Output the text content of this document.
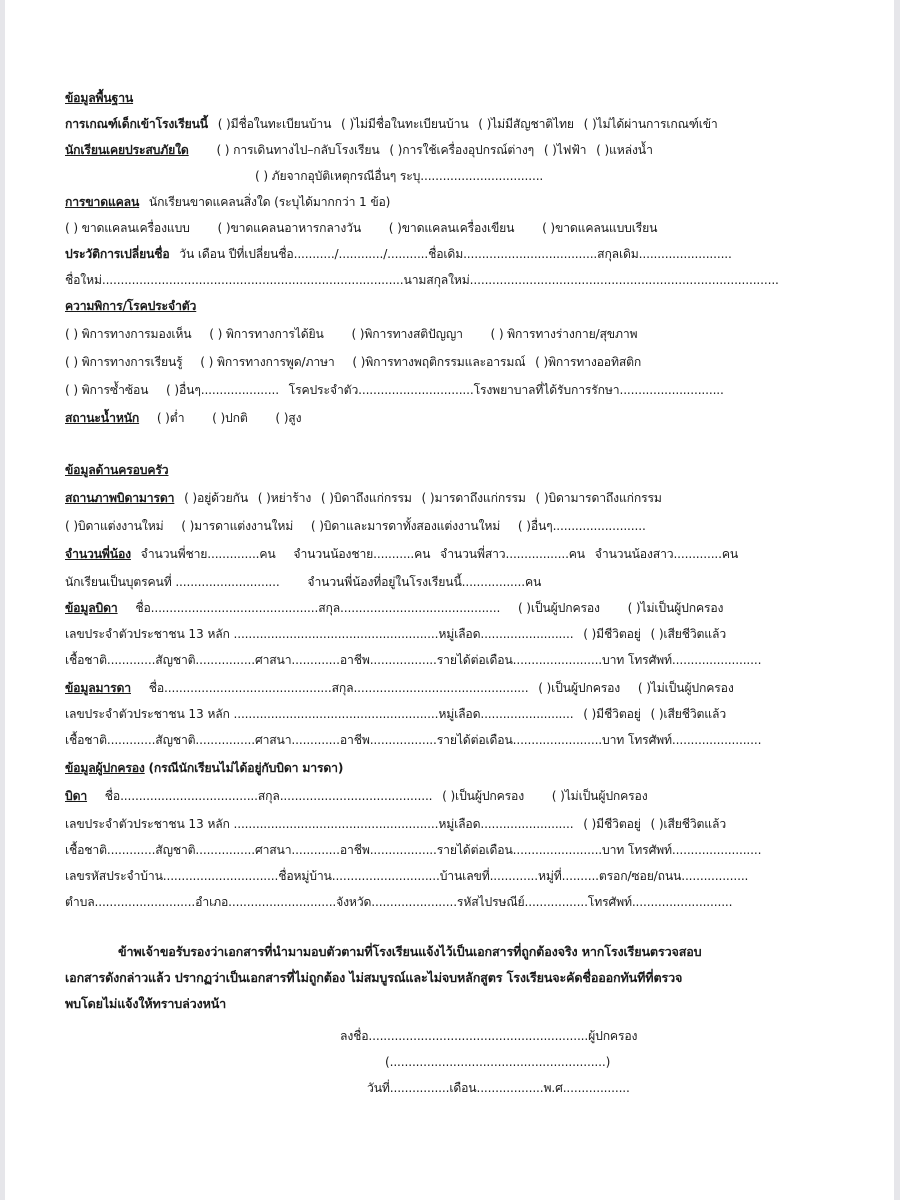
ข้อมูลพื้นฐาน
การเกณฑ์เด็กเข้าโรงเรียนนี้ ( )มีชื่อในทะเบียนบ้าน ( )ไม่มีชื่อในทะเบียนบ้าน ( )ไม่มีสัญชาติไทย ( )ไม่ได้ผ่านการเกณฑ์เข้า
นักเรียนเคยประสบภัยใด ( ) การเดินทางไป–กลับโรงเรียน ( )การใช้เครื่องอุปกรณ์ต่างๆ ( )ไฟฟ้า ( )แหล่งน้ำ
( ) ภัยจากอุบัติเหตุกรณีอื่นๆ ระบุ.................................
การขาดแคลน นักเรียนขาดแคลนสิ่งใด (ระบุได้มากกว่า 1 ข้อ)
( ) ขาดแคลนเครื่องแบบ ( )ขาดแคลนอาหารกลางวัน ( )ขาดแคลนเครื่องเขียน ( )ขาดแคลนแบบเรียน
ประวัติการเปลี่ยนชื่อ วัน เดือน ปีที่เปลี่ยนชื่อ.........../............/...........ชื่อเดิม....................................สกุลเดิม.........................
ชื่อใหม่.................................................................................นามสกุลใหม่...................................................................................
ความพิการ/โรคประจำตัว
( ) พิการทางการมองเห็น ( ) พิการทางการได้ยิน ( )พิการทางสติปัญญา ( ) พิการทางร่างกาย/สุขภาพ
( ) พิการทางการเรียนรู้ ( ) พิการทางการพูด/ภาษา ( )พิการทางพฤติกรรมและอารมณ์ ( )พิการทางออทิสติก
( ) พิการซ้ำซ้อน ( )อื่นๆ..................... โรคประจำตัว...............................โรงพยาบาลที่ได้รับการรักษา............................
สถานะน้ำหนัก ( )ต่ำ ( )ปกติ ( )สูง
ข้อมูลด้านครอบครัว
สถานภาพบิดามารดา ( )อยู่ด้วยกัน ( )หย่าร้าง ( )บิดาถึงแก่กรรม ( )มารดาถึงแก่กรรม ( )บิดามารดาถึงแก่กรรม
( )บิดาแต่งงานใหม่ ( )มารดาแต่งงานใหม่ ( )บิดาและมารดาทั้งสองแต่งงานใหม่ ( )อื่นๆ.........................
จำนวนพี่น้อง จำนวนพี่ชาย..............คน จำนวนน้องชาย...........คน จำนวนพี่สาว.................คน จำนวนน้องสาว.............คน
นักเรียนเป็นบุตรคนที่ ............................ จำนวนพี่น้องที่อยู่ในโรงเรียนนี้.................คน
ข้อมูลบิดา ชื่อ.............................................สกุล........................................... ( )เป็นผู้ปกครอง ( )ไม่เป็นผู้ปกครอง
เลขประจำตัวประชาชน 13 หลัก .......................................................หมู่เลือด......................... ( )มีชีวิตอยู่ ( )เสียชีวิตแล้ว
เชื้อชาติ.............สัญชาติ................ศาสนา.............อาชีพ..................รายได้ต่อเดือน........................บาท โทรศัพท์........................
ข้อมูลมารดา ชื่อ.............................................สกุล............................................... ( )เป็นผู้ปกครอง ( )ไม่เป็นผู้ปกครอง
เลขประจำตัวประชาชน 13 หลัก .......................................................หมู่เลือด......................... ( )มีชีวิตอยู่ ( )เสียชีวิตแล้ว
เชื้อชาติ.............สัญชาติ................ศาสนา.............อาชีพ..................รายได้ต่อเดือน........................บาท โทรศัพท์........................
ข้อมูลผู้ปกครอง (กรณีนักเรียนไม่ได้อยู่กับบิดา มารดา)
บิดา ชื่อ.....................................สกุล......................................... ( )เป็นผู้ปกครอง ( )ไม่เป็นผู้ปกครอง
เลขประจำตัวประชาชน 13 หลัก .......................................................หมู่เลือด......................... ( )มีชีวิตอยู่ ( )เสียชีวิตแล้ว
เชื้อชาติ.............สัญชาติ................ศาสนา.............อาชีพ..................รายได้ต่อเดือน........................บาท โทรศัพท์........................
เลขรหัสประจำบ้าน...............................ชื่อหมู่บ้าน.............................บ้านเลขที่.............หมู่ที่..........ตรอก/ซอย/ถนน..................
ตำบล...........................อำเภอ.............................จังหวัด.......................รหัสไปรษณีย์.................โทรศัพท์...........................
ข้าพเจ้าขอรับรองว่าเอกสารที่นำมามอบตัวตามที่โรงเรียนแจ้งไว้เป็นเอกสารที่ถูกต้องจริง หากโรงเรียนตรวจสอบ
เอกสารดังกล่าวแล้ว ปรากฏว่าเป็นเอกสารที่ไม่ถูกต้อง ไม่สมบูรณ์และไม่จบหลักสูตร โรงเรียนจะคัดชื่อออกทันทีที่ตรวจ
พบโดยไม่แจ้งให้ทราบล่วงหน้า
ลงชื่อ...........................................................ผู้ปกครอง
(..........................................................)
วันที่................เดือน..................พ.ศ..................
